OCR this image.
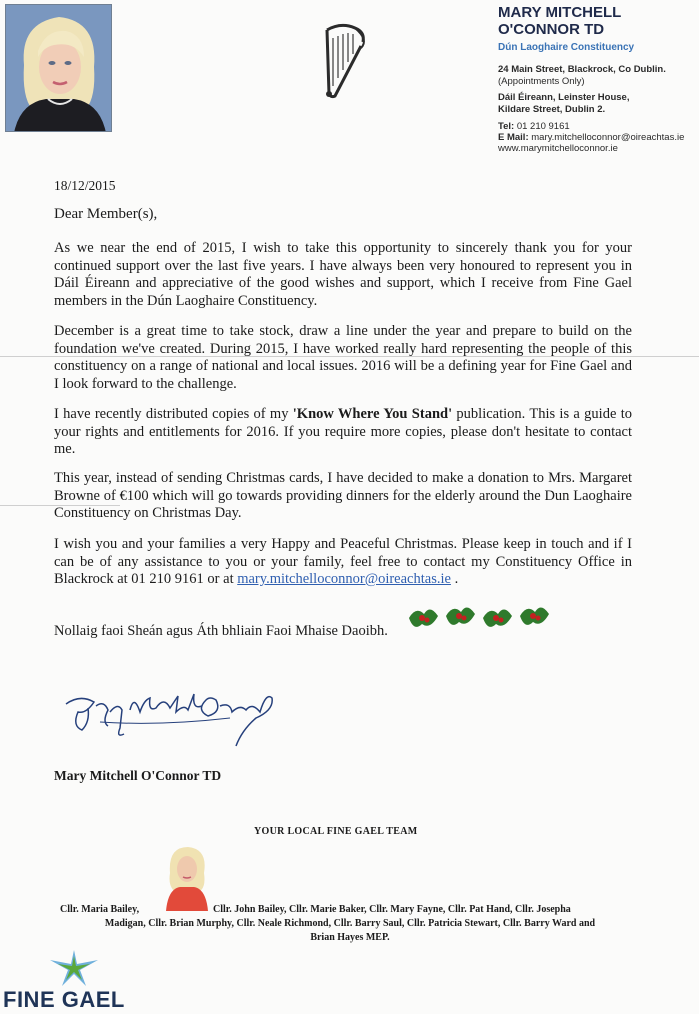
MARY MITCHELL
O'CONNOR TD
Dún Laoghaire Constituency
24 Main Street, Blackrock, Co Dublin.
(Appointments Only)
Dáil Éireann, Leinster House,
Kildare Street, Dublin 2.
Tel: 01 210 9161
E Mail: mary.mitchelloconnor@oireachtas.ie
www.marymitchelloconnor.ie
18/12/2015
Dear Member(s),
As we near the end of 2015, I wish to take this opportunity to sincerely thank you for your continued support over the last five years. I have always been very honoured to represent you in Dáil Éireann and appreciative of the good wishes and support, which I receive from Fine Gael members in the Dún Laoghaire Constituency.
December is a great time to take stock, draw a line under the year and prepare to build on the foundation we've created. During 2015, I have worked really hard representing the people of this constituency on a range of national and local issues. 2016 will be a defining year for Fine Gael and I look forward to the challenge.
I have recently distributed copies of my 'Know Where You Stand' publication. This is a guide to your rights and entitlements for 2016. If you require more copies, please don't hesitate to contact me.
This year, instead of sending Christmas cards, I have decided to make a donation to Mrs. Margaret Browne of €100 which will go towards providing dinners for the elderly around the Dun Laoghaire Constituency on Christmas Day.
I wish you and your families a very Happy and Peaceful Christmas. Please keep in touch and if I can be of any assistance to you or your family, feel free to contact my Constituency Office in Blackrock at 01 210 9161 or at mary.mitchelloconnor@oireachtas.ie .
Nollaig faoi Sheán agus Áth bhliain Faoi Mhaise Daoibh.
Mary Mitchell O'Connor TD
YOUR LOCAL FINE GAEL TEAM
Cllr. Maria Bailey,	Cllr. John Bailey, Cllr. Marie Baker, Cllr. Mary Fayne, Cllr. Pat Hand, Cllr. Josepha
Madigan, Cllr. Brian Murphy, Cllr. Neale Richmond, Cllr. Barry Saul, Cllr. Patricia Stewart, Cllr. Barry Ward and
Brian Hayes MEP.
FINE GAEL
